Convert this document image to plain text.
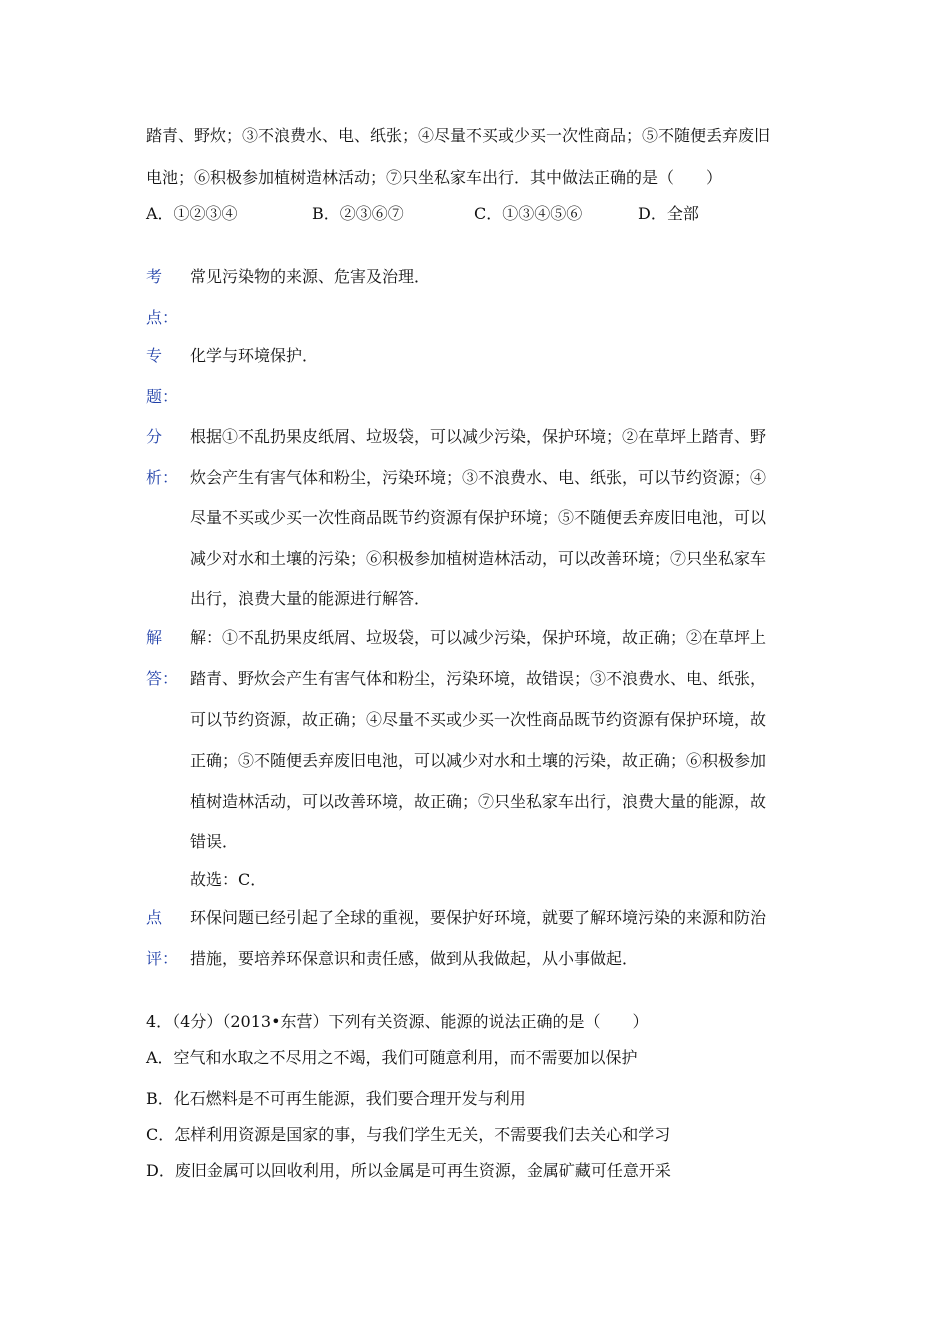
踏青、野炊；③不浪费水、电、纸张；④尽量不买或少买一次性商品；⑤不随便丢弃废旧
电池；⑥积极参加植树造林活动；⑦只坐私家车出行．其中做法正确的是（　　）
A．①②③④	B．②③⑥⑦	C．①③④⑤⑥	D．全部
考
点：
常见污染物的来源、危害及治理．
专
题：
化学与环境保护．
分
析：
根据①不乱扔果皮纸屑、垃圾袋，可以减少污染，保护环境；②在草坪上踏青、野
炊会产生有害气体和粉尘，污染环境；③不浪费水、电、纸张，可以节约资源；④
尽量不买或少买一次性商品既节约资源有保护环境；⑤不随便丢弃废旧电池，可以
减少对水和土壤的污染；⑥积极参加植树造林活动，可以改善环境；⑦只坐私家车
出行，浪费大量的能源进行解答．
解
答：
解：①不乱扔果皮纸屑、垃圾袋，可以减少污染，保护环境，故正确；②在草坪上
踏青、野炊会产生有害气体和粉尘，污染环境，故错误；③不浪费水、电、纸张，
可以节约资源，故正确；④尽量不买或少买一次性商品既节约资源有保护环境，故
正确；⑤不随便丢弃废旧电池，可以减少对水和土壤的污染，故正确；⑥积极参加
植树造林活动，可以改善环境，故正确；⑦只坐私家车出行，浪费大量的能源，故
错误．
故选：C．
点
评：
环保问题已经引起了全球的重视，要保护好环境，就要了解环境污染的来源和防治
措施，要培养环保意识和责任感，做到从我做起，从小事做起．
4．（4分）（2013•东营）下列有关资源、能源的说法正确的是（　　）
A．空气和水取之不尽用之不竭，我们可随意利用，而不需要加以保护
B．化石燃料是不可再生能源，我们要合理开发与利用
C．怎样利用资源是国家的事，与我们学生无关，不需要我们去关心和学习
D．废旧金属可以回收利用，所以金属是可再生资源，金属矿藏可任意开采
